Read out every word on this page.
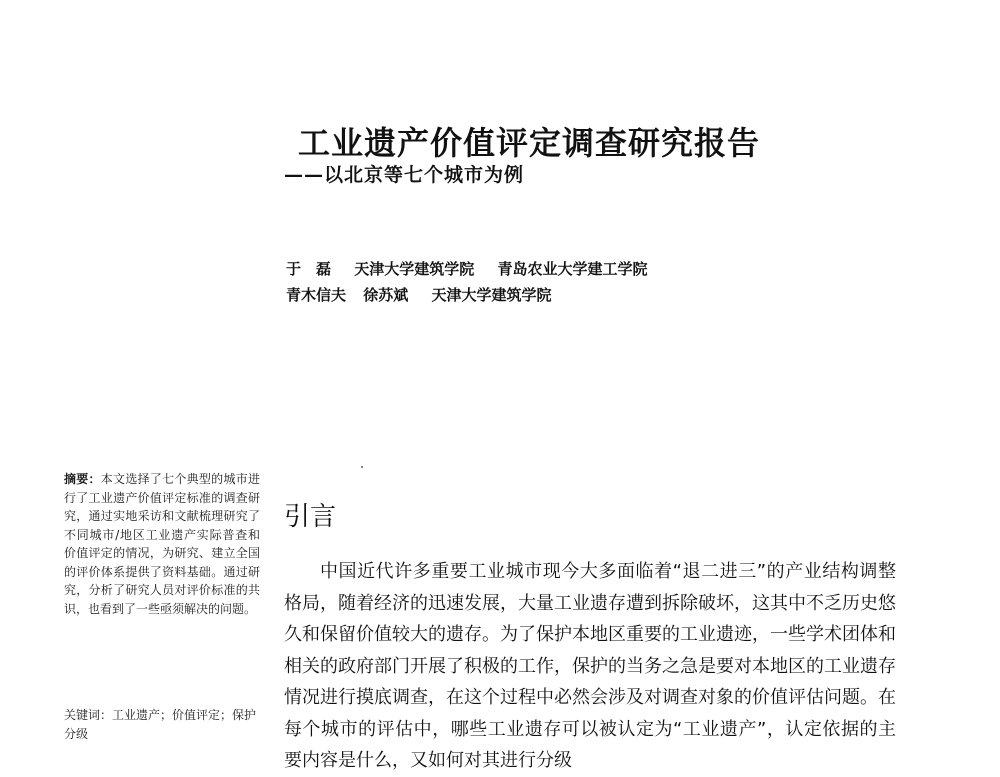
工业遗产价值评定调查研究报告
——以北京等七个城市为例
于　磊 天津大学建筑学院 青岛农业大学建工学院
青木信夫 徐苏斌 天津大学建筑学院
摘要：本文选择了七个典型的城市进行了工业遗产价值评定标准的调查研究，通过实地采访和文献梳理研究了不同城市/地区工业遗产实际普查和价值评定的情况，为研究、建立全国的评价体系提供了资料基础。通过研究，分析了研究人员对评价标准的共识，也看到了一些亟须解决的问题。
关键词：工业遗产；价值评定；保护分级
引言
中国近代许多重要工业城市现今大多面临着“退二进三”的产业结构调整格局，随着经济的迅速发展，大量工业遗存遭到拆除破坏，这其中不乏历史悠久和保留价值较大的遗存。为了保护本地区重要的工业遗迹，一些学术团体和相关的政府部门开展了积极的工作，保护的当务之急是要对本地区的工业遗存情况进行摸底调查，在这个过程中必然会涉及对调查对象的价值评估问题。在每个城市的评估中，哪些工业遗存可以被认定为“工业遗产”，认定依据的主要内容是什么，又如何对其进行分级
